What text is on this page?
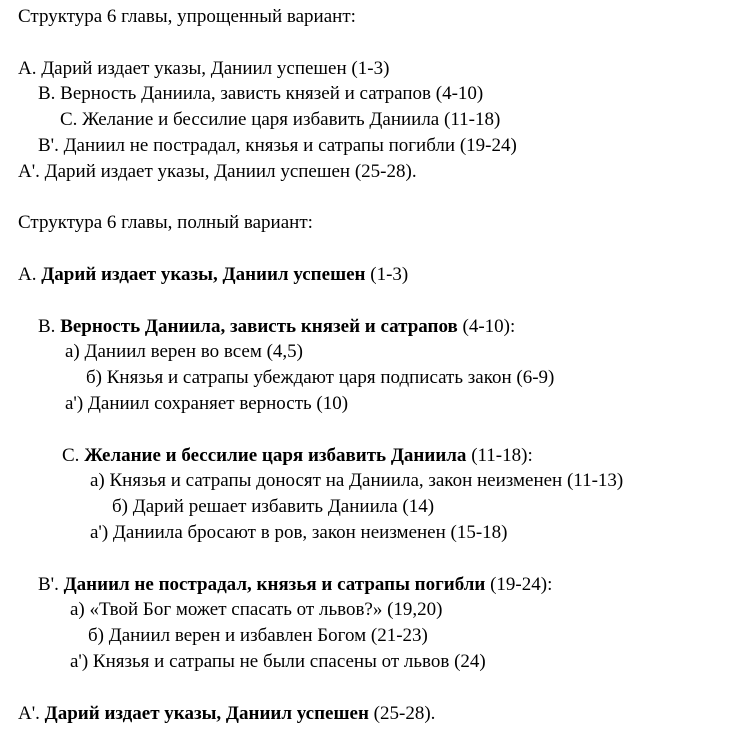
Структура 6 главы, упрощенный вариант:
A. Дарий издает указы, Даниил успешен (1-3)
B. Верность Даниила, зависть князей и сатрапов (4-10)
C. Желание и бессилие царя избавить Даниила (11-18)
B'. Даниил не пострадал, князья и сатрапы погибли (19-24)
A'. Дарий издает указы, Даниил успешен (25-28).
Структура 6 главы, полный вариант:
A. Дарий издает указы, Даниил успешен (1-3)
B. Верность Даниила, зависть князей и сатрапов (4-10):
а) Даниил верен во всем (4,5)
б) Князья и сатрапы убеждают царя подписать закон (6-9)
а') Даниил сохраняет верность (10)
C. Желание и бессилие царя избавить Даниила (11-18):
а) Князья и сатрапы доносят на Даниила, закон неизменен (11-13)
б) Дарий решает избавить Даниила (14)
а') Даниила бросают в ров, закон неизменен (15-18)
B'. Даниил не пострадал, князья и сатрапы погибли (19-24):
а) «Твой Бог может спасать от львов?» (19,20)
б) Даниил верен и избавлен Богом (21-23)
а') Князья и сатрапы не были спасены от львов (24)
A'. Дарий издает указы, Даниил успешен (25-28).
